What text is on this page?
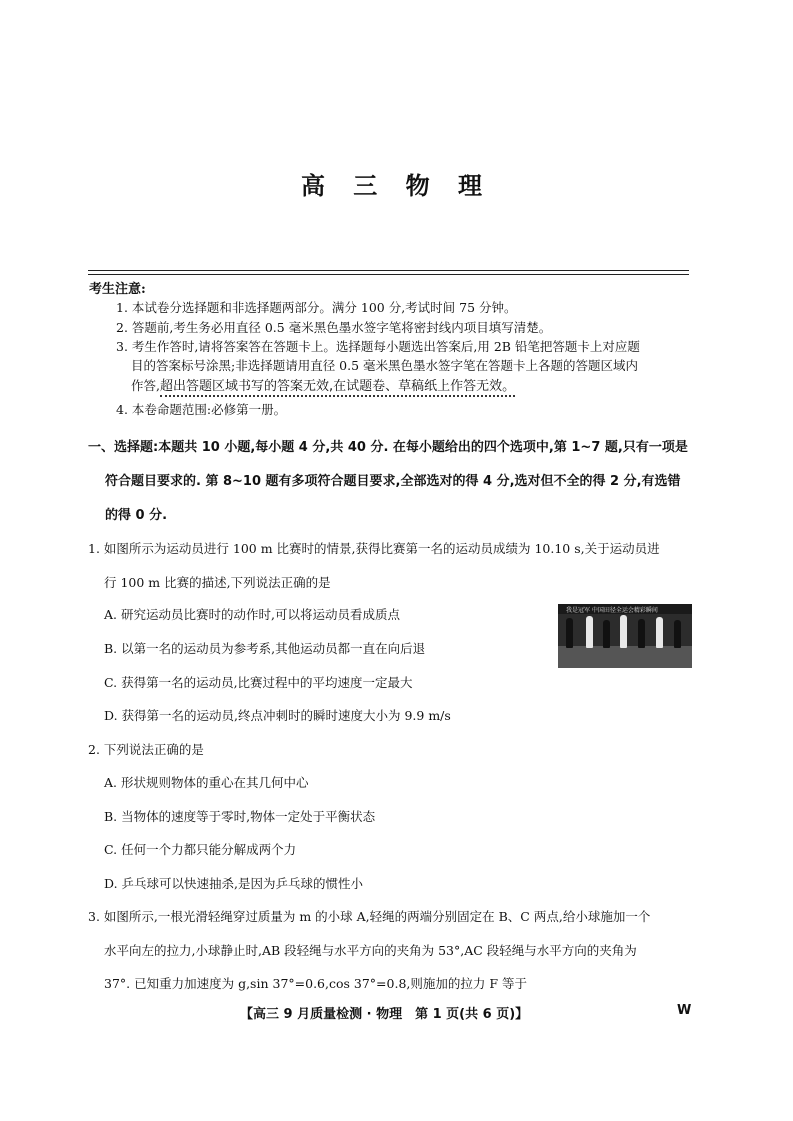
高 三 物 理
考生注意:
1. 本试卷分选择题和非选择题两部分。满分 100 分,考试时间 75 分钟。
2. 答题前,考生务必用直径 0.5 毫米黑色墨水签字笔将密封线内项目填写清楚。
3. 考生作答时,请将答案答在答题卡上。选择题每小题选出答案后,用 2B 铅笔把答题卡上对应题
目的答案标号涂黑;非选择题请用直径 0.5 毫米黑色墨水签字笔在答题卡上各题的答题区域内
作答,超出答题区域书写的答案无效,在试题卷、草稿纸上作答无效。
4. 本卷命题范围:必修第一册。
一、选择题:本题共 10 小题,每小题 4 分,共 40 分. 在每小题给出的四个选项中,第 1~7 题,只有一项是
符合题目要求的. 第 8~10 题有多项符合题目要求,全部选对的得 4 分,选对但不全的得 2 分,有选错
的得 0 分.
1. 如图所示为运动员进行 100 m 比赛时的情景,获得比赛第一名的运动员成绩为 10.10 s,关于运动员进
行 100 m 比赛的描述,下列说法正确的是
A. 研究运动员比赛时的动作时,可以将运动员看成质点
B. 以第一名的运动员为参考系,其他运动员都一直在向后退
C. 获得第一名的运动员,比赛过程中的平均速度一定最大
D. 获得第一名的运动员,终点冲刺时的瞬时速度大小为 9.9 m/s
我是冠军 中国田径全运会精彩瞬间
2. 下列说法正确的是
A. 形状规则物体的重心在其几何中心
B. 当物体的速度等于零时,物体一定处于平衡状态
C. 任何一个力都只能分解成两个力
D. 乒乓球可以快速抽杀,是因为乒乓球的惯性小
3. 如图所示,一根光滑轻绳穿过质量为 m 的小球 A,轻绳的两端分别固定在 B、C 两点,给小球施加一个
水平向左的拉力,小球静止时,AB 段轻绳与水平方向的夹角为 53°,AC 段轻绳与水平方向的夹角为
37°. 已知重力加速度为 g,sin 37°=0.6,cos 37°=0.8,则施加的拉力 F 等于
【高三 9 月质量检测 · 物理　第 1 页(共 6 页)】	W
